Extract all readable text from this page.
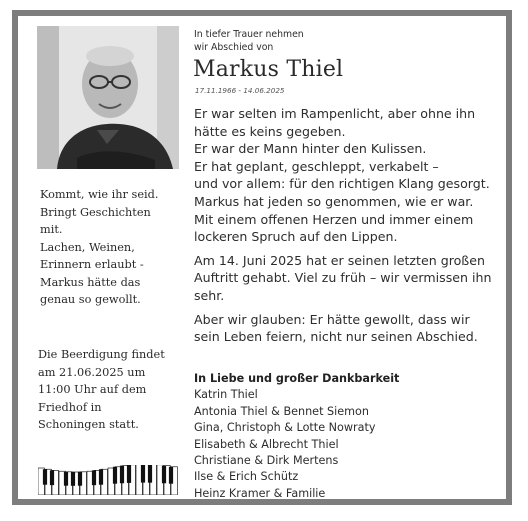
In tiefer Trauer nehmen
wir Abschied von
Markus Thiel
17.11.1966 - 14.06.2025

Er war selten im Rampenlicht, aber ohne ihn
hätte es keins gegeben.
Er war der Mann hinter den Kulissen.
Er hat geplant, geschleppt, verkabelt –
und vor allem: für den richtigen Klang gesorgt.
Markus hat jeden so genommen, wie er war.
Mit einem offenen Herzen und immer einem
lockeren Spruch auf den Lippen.

Am 14. Juni 2025 hat er seinen letzten großen
Auftritt gehabt. Viel zu früh – wir vermissen ihn
sehr.

Aber wir glauben: Er hätte gewollt, dass wir
sein Leben feiern, nicht nur seinen Abschied.

In Liebe und großer Dankbarkeit
Katrin Thiel
Antonia Thiel & Bennet Siemon
Gina, Christoph & Lotte Nowraty
Elisabeth & Albrecht Thiel
Christiane & Dirk Mertens
Ilse & Erich Schütz
Heinz Kramer & Familie
Kommt, wie ihr seid.
Bringt Geschichten
mit.
Lachen, Weinen,
Erinnern erlaubt -
Markus hätte das
genau so gewollt.
Die Beerdigung findet
am 21.06.2025 um
11:00 Uhr auf dem
Friedhof in
Schoningen statt.
